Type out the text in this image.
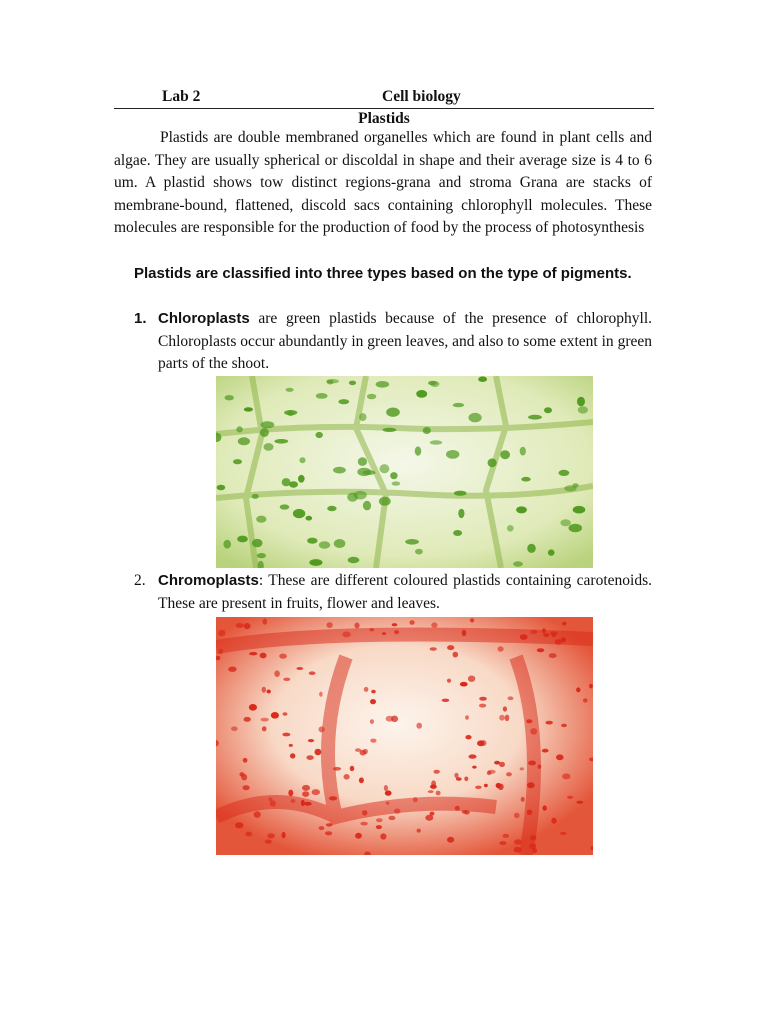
Lab 2	Cell biology
Plastids

Plastids are double membraned organelles which are found in plant cells and algae. They are usually spherical or discoldal in shape and their average size is 4 to 6 um. A plastid shows tow distinct regions-grana and stroma Grana are stacks of membrane-bound, flattened, discold sacs containing chlorophyll molecules. These molecules are responsible for the production of food by the process of photosynthesis

Plastids are classified into three types based on the type of pigments.

1. Chloroplasts are green plastids because of the presence of chlorophyll. Chloroplasts occur abundantly in green leaves, and also to some extent in green parts of the shoot.
2. Chromoplasts: These are different coloured plastids containing carotenoids. These are present in fruits, flower and leaves.
